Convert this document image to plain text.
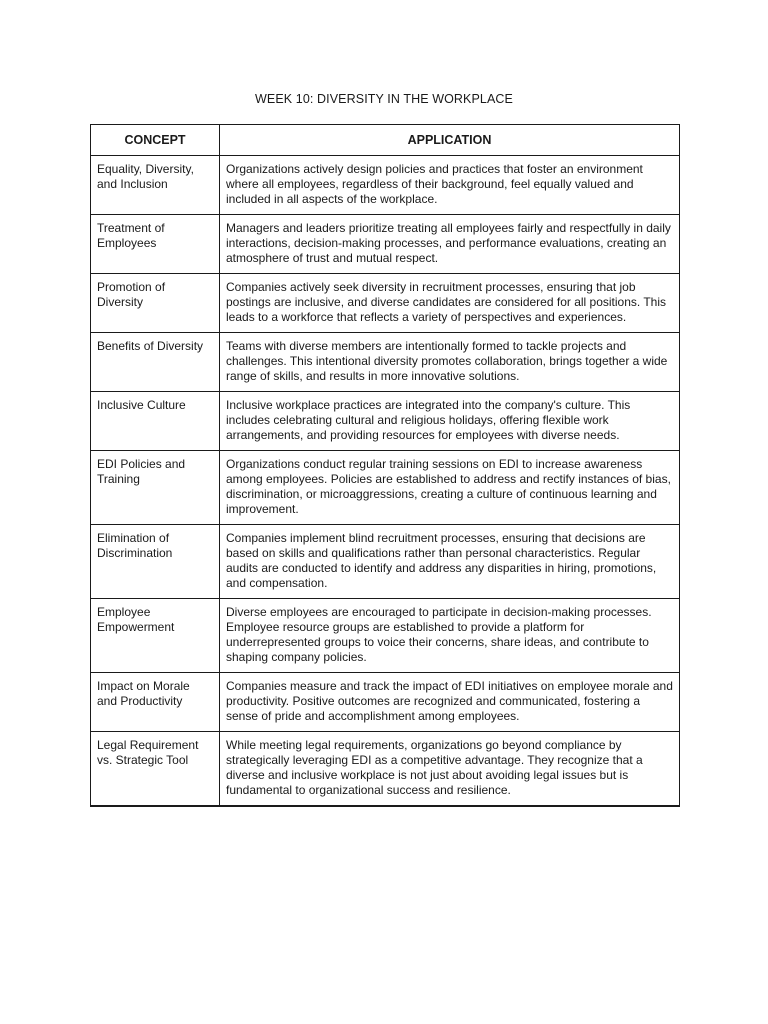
WEEK 10: DIVERSITY IN THE WORKPLACE
CONCEPT	APPLICATION
Equality, Diversity, and Inclusion	Organizations actively design policies and practices that foster an environment where all employees, regardless of their background, feel equally valued and included in all aspects of the workplace.
Treatment of Employees	Managers and leaders prioritize treating all employees fairly and respectfully in daily interactions, decision-making processes, and performance evaluations, creating an atmosphere of trust and mutual respect.
Promotion of Diversity	Companies actively seek diversity in recruitment processes, ensuring that job postings are inclusive, and diverse candidates are considered for all positions. This leads to a workforce that reflects a variety of perspectives and experiences.
Benefits of Diversity	Teams with diverse members are intentionally formed to tackle projects and challenges. This intentional diversity promotes collaboration, brings together a wide range of skills, and results in more innovative solutions.
Inclusive Culture	Inclusive workplace practices are integrated into the company's culture. This includes celebrating cultural and religious holidays, offering flexible work arrangements, and providing resources for employees with diverse needs.
EDI Policies and Training	Organizations conduct regular training sessions on EDI to increase awareness among employees. Policies are established to address and rectify instances of bias, discrimination, or microaggressions, creating a culture of continuous learning and improvement.
Elimination of Discrimination	Companies implement blind recruitment processes, ensuring that decisions are based on skills and qualifications rather than personal characteristics. Regular audits are conducted to identify and address any disparities in hiring, promotions, and compensation.
Employee Empowerment	Diverse employees are encouraged to participate in decision-making processes. Employee resource groups are established to provide a platform for underrepresented groups to voice their concerns, share ideas, and contribute to shaping company policies.
Impact on Morale and Productivity	Companies measure and track the impact of EDI initiatives on employee morale and productivity. Positive outcomes are recognized and communicated, fostering a sense of pride and accomplishment among employees.
Legal Requirement vs. Strategic Tool	While meeting legal requirements, organizations go beyond compliance by strategically leveraging EDI as a competitive advantage. They recognize that a diverse and inclusive workplace is not just about avoiding legal issues but is fundamental to organizational success and resilience.
